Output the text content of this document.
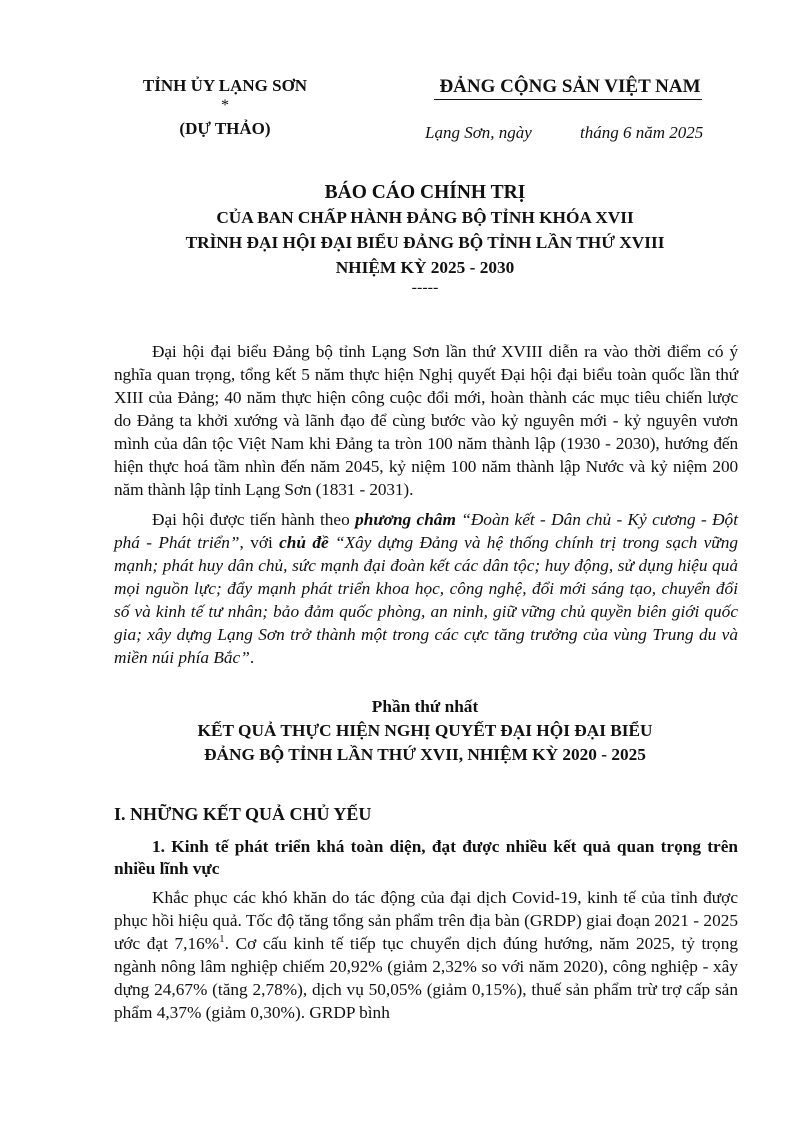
TỈNH ỦY LẠNG SƠN
*
(DỰ THẢO)
ĐẢNG CỘNG SẢN VIỆT NAM
Lạng Sơn, ngày	tháng 6 năm 2025
BÁO CÁO CHÍNH TRỊ
CỦA BAN CHẤP HÀNH ĐẢNG BỘ TỈNH KHÓA XVII
TRÌNH ĐẠI HỘI ĐẠI BIỂU ĐẢNG BỘ TỈNH LẦN THỨ XVIII
NHIỆM KỲ 2025 - 2030
-----
Đại hội đại biểu Đảng bộ tỉnh Lạng Sơn lần thứ XVIII diễn ra vào thời điểm có ý nghĩa quan trọng, tổng kết 5 năm thực hiện Nghị quyết Đại hội đại biểu toàn quốc lần thứ XIII của Đảng; 40 năm thực hiện công cuộc đổi mới, hoàn thành các mục tiêu chiến lược do Đảng ta khởi xướng và lãnh đạo để cùng bước vào kỷ nguyên mới - kỷ nguyên vươn mình của dân tộc Việt Nam khi Đảng ta tròn 100 năm thành lập (1930 - 2030), hướng đến hiện thực hoá tầm nhìn đến năm 2045, kỷ niệm 100 năm thành lập Nước và kỷ niệm 200 năm thành lập tỉnh Lạng Sơn (1831 - 2031).
Đại hội được tiến hành theo phương châm “Đoàn kết - Dân chủ - Kỷ cương - Đột phá - Phát triển”, với chủ đề “Xây dựng Đảng và hệ thống chính trị trong sạch vững mạnh; phát huy dân chủ, sức mạnh đại đoàn kết các dân tộc; huy động, sử dụng hiệu quả mọi nguồn lực; đẩy mạnh phát triển khoa học, công nghệ, đổi mới sáng tạo, chuyển đổi số và kinh tế tư nhân; bảo đảm quốc phòng, an ninh, giữ vững chủ quyền biên giới quốc gia; xây dựng Lạng Sơn trở thành một trong các cực tăng trưởng của vùng Trung du và miền núi phía Bắc”.
Phần thứ nhất
KẾT QUẢ THỰC HIỆN NGHỊ QUYẾT ĐẠI HỘI ĐẠI BIỂU
ĐẢNG BỘ TỈNH LẦN THỨ XVII, NHIỆM KỲ 2020 - 2025
I. NHỮNG KẾT QUẢ CHỦ YẾU
1. Kinh tế phát triển khá toàn diện, đạt được nhiều kết quả quan trọng trên nhiều lĩnh vực
Khắc phục các khó khăn do tác động của đại dịch Covid-19, kinh tế của tỉnh được phục hồi hiệu quả. Tốc độ tăng tổng sản phẩm trên địa bàn (GRDP) giai đoạn 2021 - 2025 ước đạt 7,16%$^1$. Cơ cấu kinh tế tiếp tục chuyển dịch đúng hướng, năm 2025, tỷ trọng ngành nông lâm nghiệp chiếm 20,92% (giảm 2,32% so với năm 2020), công nghiệp - xây dựng 24,67% (tăng 2,78%), dịch vụ 50,05% (giảm 0,15%), thuế sản phẩm trừ trợ cấp sản phẩm 4,37% (giảm 0,30%). GRDP bình
